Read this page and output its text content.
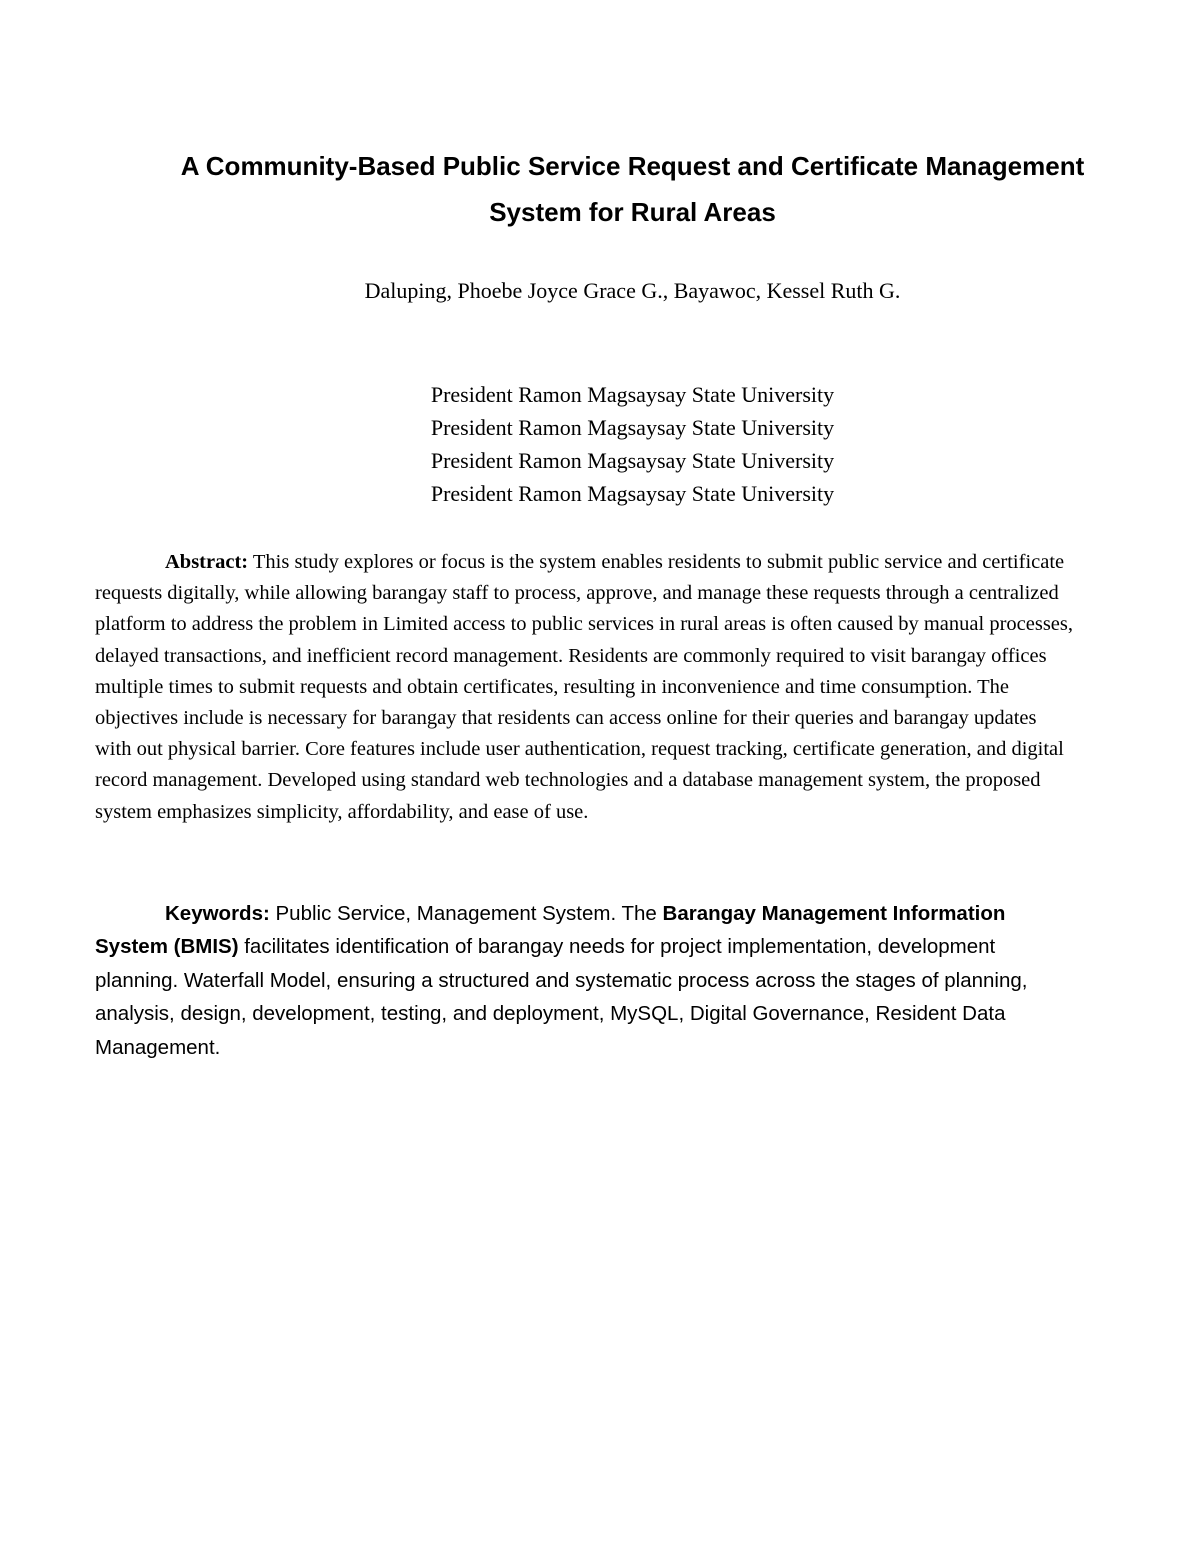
A Community-Based Public Service Request and Certificate Management
System for Rural Areas

Daluping, Phoebe Joyce Grace G., Bayawoc, Kessel Ruth G.

President Ramon Magsaysay State University
President Ramon Magsaysay State University
President Ramon Magsaysay State University
President Ramon Magsaysay State University

Abstract: This study explores or focus is the system enables residents to submit public service and certificate requests digitally, while allowing barangay staff to process, approve, and manage these requests through a centralized platform to address the problem in Limited access to public services in rural areas is often caused by manual processes, delayed transactions, and inefficient record management. Residents are commonly required to visit barangay offices multiple times to submit requests and obtain certificates, resulting in inconvenience and time consumption. The objectives include is necessary for barangay that residents can access online for their queries and barangay updates with out physical barrier. Core features include user authentication, request tracking, certificate generation, and digital record management. Developed using standard web technologies and a database management system, the proposed system emphasizes simplicity, affordability, and ease of use.

Keywords: Public Service, Management System. The Barangay Management Information System (BMIS) facilitates identification of barangay needs for project implementation, development planning. Waterfall Model, ensuring a structured and systematic process across the stages of planning, analysis, design, development, testing, and deployment, MySQL, Digital Governance, Resident Data Management.
